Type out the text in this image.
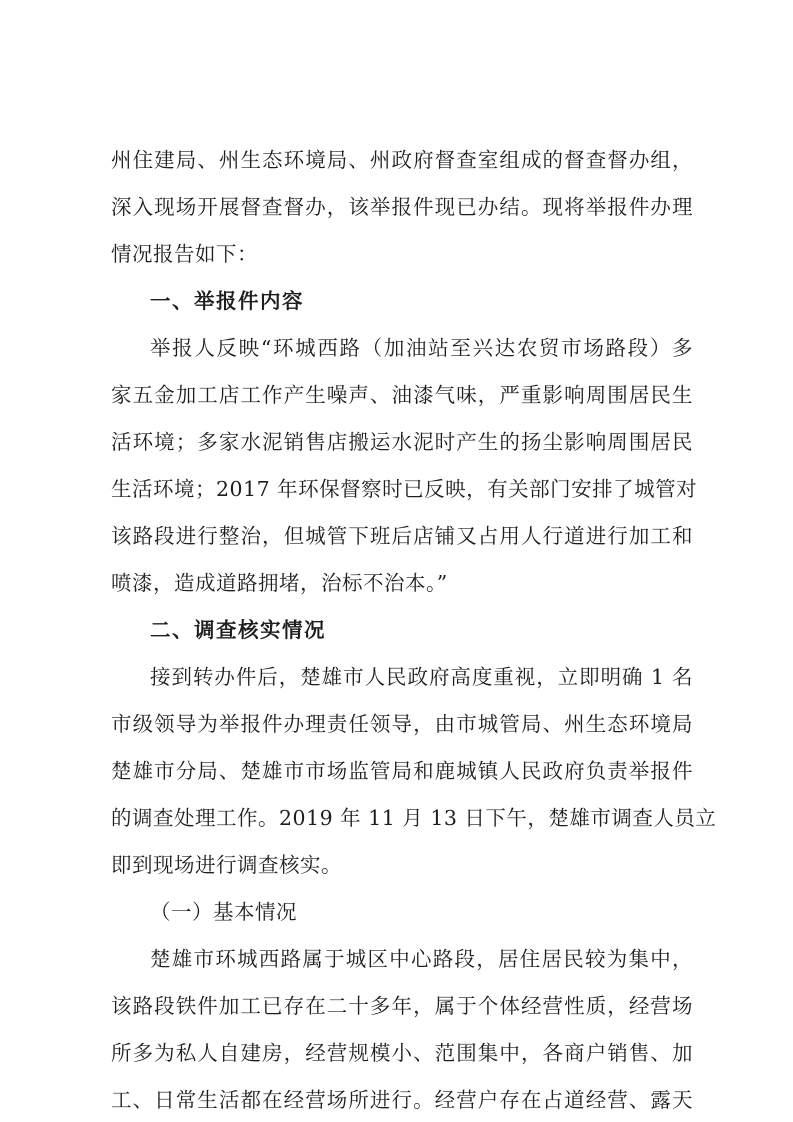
州住建局、州生态环境局、州政府督查室组成的督查督办组，
深入现场开展督查督办，该举报件现已办结。现将举报件办理
情况报告如下：
一、举报件内容
举报人反映“环城西路（加油站至兴达农贸市场路段）多
家五金加工店工作产生噪声、油漆气味，严重影响周围居民生
活环境；多家水泥销售店搬运水泥时产生的扬尘影响周围居民
生活环境；2017 年环保督察时已反映，有关部门安排了城管对
该路段进行整治，但城管下班后店铺又占用人行道进行加工和
喷漆，造成道路拥堵，治标不治本。”
二、调查核实情况
接到转办件后，楚雄市人民政府高度重视，立即明确 1 名
市级领导为举报件办理责任领导，由市城管局、州生态环境局
楚雄市分局、楚雄市市场监管局和鹿城镇人民政府负责举报件
的调查处理工作。2019 年 11 月 13 日下午，楚雄市调查人员立
即到现场进行调查核实。
（一）基本情况
楚雄市环城西路属于城区中心路段，居住居民较为集中，
该路段铁件加工已存在二十多年，属于个体经营性质，经营场
所多为私人自建房，经营规模小、范围集中，各商户销售、加
工、日常生活都在经营场所进行。经营户存在占道经营、露天
